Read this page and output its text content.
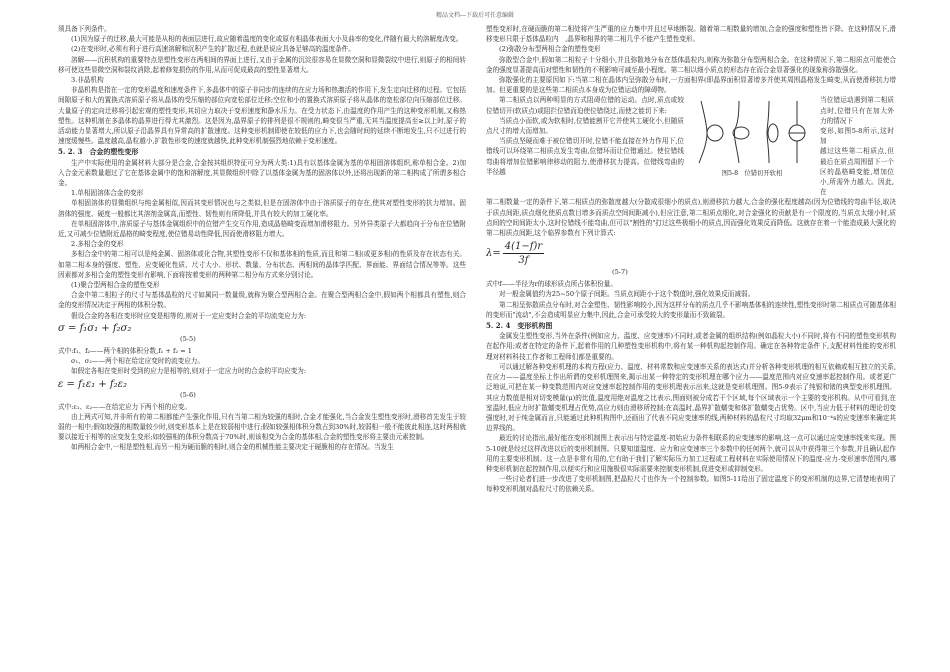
精品文档---下载后可任意编辑

须具备下列条件。

(1)因为原子的迁移,最大可能是从相的表面层进行,故应随着温度的变化或原有相晶体表面大小及曲率的变化,伴随有最大的溶解度改变。

(2)在变形时,必须有利于进行高速溶解和沉积产生的扩散过程,也就是说应具备足够高的温度条件。

溶解——沉积机构的重要特点是塑性变形在两相间的界面上进行,又由于金属的沉淀很容易在显微空洞和显微裂纹中进行,则原子的相间转移可使这些显微空洞和裂纹消除,起着修复损伤的作用,从而可促成最高的塑性显著增大。

3.非晶机构

非晶机构是指在一定的变形温度和速度条件下,多晶体中的原子非同步的连续的在应力场和热激活的作用下,发生定向迁移的过程。它包括间隙原子和大的置换式溶质原子将从晶体的受压缩的部位向宽松部位迁移;空位和小的置换式溶质原子将从晶体的宽松部位向压缩部位迁移。大量原子的定向迁移将引起宏观的塑性变形,其切应力取决于变形速度和静水压力。在受力状态下,由温度的作用产生的这种变形机制,又称热塑性。这种机制在多晶体的晶界进行得尤其激烈。这是因为,晶界原子的排列是很不规则的,畸变很当严重,无其当温度提高至≥以上时,原子的活动能力显著增大,所以原子沿晶界具有异常高的扩散速度。这种变形机制即使在较低的应力下,也会随时间的延续不断地发生,只不过进行的速度缓慢些。温度越高,晶粒越小,扩散性形变的速度就越快,此种变形机制强烈地依赖于变形速度。

5. 2. 3　合金的塑性变形

生产中实际使用的金属材料大部分是合金,合金按其组织特征可分为两大类:1)具有以基体金属为基的单相固溶体组织,称单相合金。2)加入合金元素数量超过了它在基体金属中的饱和溶解度,其显微组织中除了以基体金属为基的固溶体以外,还将出现新的第二相构成了所谓多相合金。

1.单相固溶体合金的变形

单相固溶体的显微组织与纯金属相似,因而其变形情况也与之类似,但是在固溶体中由于溶质原子的存在,使其对塑性变形的抗力增加。固溶体的强度、硬度一般都比其溶剂金属高,而塑性、韧性则有所降低,并具有较大的加工硬化率。

在单相固溶体中,溶质原子与基体金属组织中的位错产生交互作用,造成晶格畸变而增加滑移阻力。另外异类原子大都趋向于分布在位错附近,又可减少位错附近晶格的畸变程度,使位错易动性降低,因而使滑移阻力增大。

2.多相合金的变形

多相合金中的第二相可以是纯金属、固溶体或化合物,其塑性变形不仅和基体相的性质,而且和第二相(或更多相)的性质及存在状态有关。如第二相本身的强度、塑性、应变硬化性质、尺寸大小、形状、数量、分布状态、两相间的晶体学匹配、界面能、界面结合情况等等。这些因素都对多相合金的塑性变形有影响,下面将按着变形的两种第二相分布方式来分别讨论。

(1)聚合型两相合金的塑性变形

合金中第二相粒子的尺寸与基体晶粒的尺寸如属同一数量级,就称为聚合型两相合金。在聚合型两相合金中,假如两个相都具有塑性,则合金的变形情况决定于两相的体积分数。

假设合金的各相在变形时应变是相等的,则对于一定应变时合金的平均流变应力为:

σ = f₁σ₁ + f₂σ₂
(5-5)

式中:f₁、f₂——两个相的体积分数,f₁ + f₂ = 1

σ₁、σ₂——两个相在给定应变时的流变应力。

如假定各相在变形时受到的应力是相等的,则对于一定应力时的合金的平均应变为:

ε = f₁ε₁ + f₂ε₂
(5-6)

式中:ε₁、ε₂——在给定应力下两个相的应变。

由上两式可知,并非所有的第二相都能产生强化作用,只有当第二相为较强的相时,合金才能强化,当合金发生塑性变形时,滑移首先发生于较弱的一相中;假如较强的相数量较少时,则变形基本上是在较弱相中进行;假如较强相体积分数占到30%时,较弱相一般不能彼此相连,这时两相就要以接近于相等的应变发生变形;如较强相的体积分数高于70%时,则该相变为合金的基体相,合金的塑性变形将主要由元素控制。

如两相合金中,一相是塑性相,而另一相为硬而脆的相时,则合金的机械性能主要决定于硬脆相的存在情况。当发生

塑性变形时,在硬而脆的第二相处将产生严重的应力集中并且过早地断裂。随着第二相数量的增加,合金的强度和塑性皆下降。在这种情况下,滑移变形只限于基体晶粒内　,晶界和相界的第二相几乎不能产生塑性变形。

(2)弥散分布型两相合金的塑性变形

弥散型合金中,假如第二相粒子十分细小,并且弥散地分布在基体晶粒内,则称为弥散分布型两相合金。在这种情况下,第二相质点可能使合金的强度显著提高而对塑性和韧性的不利影响可减至最小程度。第二相以细小质点的形态存在而合金显著强化的现象称弥散强化。

弥散强化的主要原因如下:当第二相在晶体内呈弥散分布时,一方面相界(即晶界面积显著增多并使其周围晶格发生畸变,从而使滑移抗力增加。但更重要的是这些第二相质点本身成为位错运动的障碍物。

第二相质点以两种明显的方式阻碍位错的运动。点时,质点或较位错切开(软质点)或阻拦位错而迫使位错绕过,而使之能切下来:

当质点小而软,或为软相时,位错能割开它并使其工硬化小,但随质点尺寸的增大而增加。

当质点坚硬而难于被位错切开时,位错不能直接在外力作用下,位错线可以环绕第二相质点发生弯曲,位错环而让位错通过。使位错线弯曲将增加位错影响律移动的阻力,使滑移抗力提高。位错线弯曲的半径越	图5-8　位错切开软相

当位错运动遇到第二相质点时,位错只有在加大外力的情况下

变形,如图5-8所示,这时加

越过这些第二相质点,但最后在质点周围留下一个区的晶格畸变能,增加位小,所需外力越大。因此,在

第二相数量一定的条件下,第二相质点的弥散度越大(分散成很细小的质点),则滑移抗力越大,合金的强化程度越高(因为位错线的弯曲半径,取决于质点间距,质点细化使质点数目增多而质点空间间距减小),但应注意,第二相质点细化,对合金强化的贡献是有一个限度的,当质点太细小时,质点间的空间间距太小,这时位错线不能弯曲,但可以"割性的"打过这些极细小的质点,因而强化效果反而降低。这就存在着一个能造成最大强化的第二相质点间距,这个临界参数有下列计算式:

$\lambda= \frac{4(1-f)r}{3f}$
(5-7)

式中f——半径为r的球形质点所占体积份量。

对一般金属值约为25~50个原子间距。当质点间距小于这个数值时,强化效果反而减弱。

第二相呈弥散质点分布时,对合金塑性、韧性影响较小,因为这样分布的质点几乎不影响基体相的连续性,塑性变形时第二相质点可随基体相的变形而"流动",不会造成明显应力集中,因此,合金可承受较大的变形量而不致破裂。

5. 2. 4　变形机构图

金属发生塑性变形,当外在条件(例如应力、温度、应变速率)不同时,或者金属的组织结构(例如晶粒大小)不同时,将有不同的塑性变形机构在起作用;或者在特定的条件下,起着作用的几种塑性变形机构中,将有某一种机构起控制作用。确定在各种特定条件下,支配材料性能的变形机理对材料科技工作者和工程师们都是重要的。

可以通过解各种变形机理的本构方程(应力、温度、材料常数和应变速率关系的表达式)并分析各种变形机理的相互依赖或相互独立的关系,在应力——温度坐标上作出所谓的变形机理图来,揭示出某一种特定的变形机理在哪个应力——温度范围内对应变速率起控制作用。或者更广泛地说,可把在某一种变数范围内对应变速率起控制作用的变形机理表示出来,这就是变形机理图。图5-9表示了纯银和锗的典型变形机理图。其应力数值是相对切变模量(μ)的比值,温度用绝对温度之比表示,图面则被分成若干个区域,每个区域表示一个主要的变形机构。从中可看到,在室温时,低应力时扩散蠕变机理占优势,高应力则由滑移所控制;在高温时,晶界扩散蠕变和体扩散蠕变占优势。区中,当应力低于材料的理论切变强度时,对于纯金属而言,只能通过此种机构图中,还画出了代表不同应变速率的线,两种材料的晶粒尺寸均取32μm和10⁻⁴s的应变速率来确定其边界线的。

最近的讨论指出,最好能在变形机制图上表示出与特定温度-初始应力条件相联系的应变速率的影响,这一点可以通过应变速率线来实现。图5-10就是经过这样改进以后的变形机制图。只要知道温度、应力和应变速率三个参数中的任何两个,就可以从中获得第三个参数,并且确认起作用的主要变形机制。这一点是非常有用的,它有助于我们了解实际压力加工过程或工程材料在实际使用情况下的温度-应力-变形速率范围内,哪种变形机制在起控制作用,以便实行和应用施极很实际需要来控制变形机制,促进变形或抑制变形。

一些讨论者们进一步改进了变形机制图,把晶粒尺寸也作为一个控制参数。如图5-11给出了固定温度下的变形机制的边界,它清楚地表明了每种变形机制对晶粒尺寸的依赖关系。
